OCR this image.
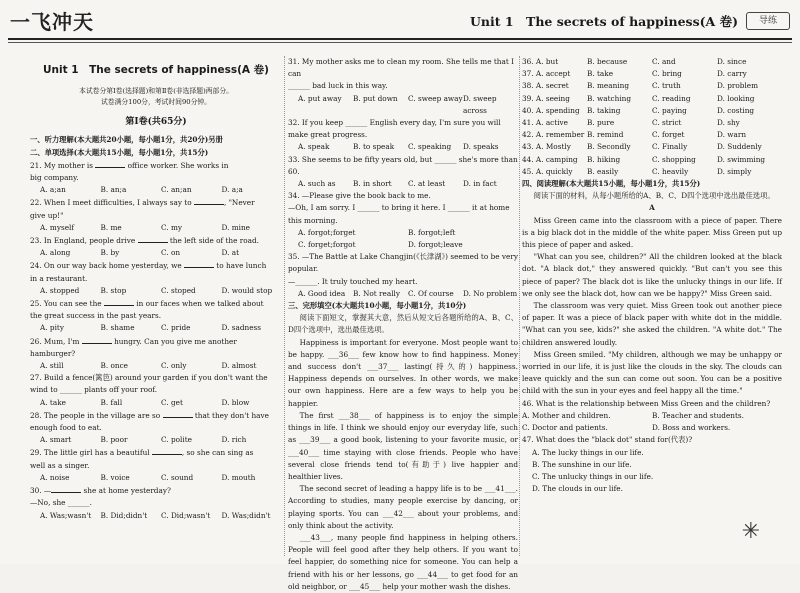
一飞冲天	Unit 1　The secrets of happiness(A 卷)	导练
Unit 1　The secrets of happiness(A 卷)
本试卷分第Ⅰ卷(选择题)和第Ⅱ卷(非选择题)两部分。
试卷满分100分，考试时间90分钟。
第Ⅰ卷(共65分)
一、听力理解(本大题共20小题，每小题1分，共20分)另册
二、单项选择(本大题共15小题，每小题1分，共15分)
21. My mother is	office worker. She works in
big company.
A. a;an	B. an;a	C. an;an	D. a;a
22. When I meet difficulties, I always say to	, "Never
give up!"
A. myself	B. me	C. my	D. mine
23. In England, people drive	the left side of the road.
A. along	B. by	C. on	D. at
24. On our way back home yesterday, we	to have lunch
in a restaurant.
A. stopped	B. stop	C. stoped	D. would stop
25. You can see the	in our faces when we talked about
the great success in the past years.
A. pity	B. shame	C. pride	D. sadness
26. Mum, I'm	hungry. Can you give me another
hamburger?
A. still	B. once	C. only	D. almost
27. Build a fence(篱笆) around your garden if you don't want the
wind to ______ plants off your roof.
A. take	B. fall	C. get	D. blow
28. The people in the village are so	that they don't have
enough food to eat.
A. smart	B. poor	C. polite	D. rich
29. The little girl has a beautiful	, so she can sing as
well as a singer.
A. noise	B. voice	C. sound	D. mouth
30. —	she at home yesterday?
—No, she ______.
A. Was;wasn't	B. Did;didn't	C. Did;wasn't	D. Was;didn't
31. My mother asks me to clean my room. She tells me that I can
______ bad luck in this way.
A. put away	B. put down	C. sweep away D. sweep across
32. If you keep ______ English every day, I'm sure you will
make great progress.
A. speak	B. to speak	C. speaking	D. speaks
33. She seems to be fifty years old, but ______ she's more than 60.
A. such as	B. in short	C. at least	D. in fact
34. —Please give the book back to me.
—Oh, I am sorry. I ______ to bring it here. I ______ it at home this morning.
A. forgot;forget	B. forgot;left
C. forget;forgot	D. forgot;leave
35. —The Battle at Lake Changjin(《长津湖》) seemed to be very popular.
—______. It truly touched my heart.
A. Good idea	B. Not really	C. Of course	D. No problem
三、完形填空(本大题共10小题，每小题1分，共10分)

阅读下面短文，掌握其大意，然后从短文后各题所给的A、B、C、D四个选项中，选出最佳选项。

Happiness is important for everyone. Most people want to be happy. ___36___ few know how to find happiness. Money and success don't ___37___ lasting(持久的) happiness. Happiness depends on ourselves. In other words, we make our own happiness. Here are a few ways to help you be happier.

The first ___38___ of happiness is to enjoy the simple things in life. I think we should enjoy our everyday life, such as ___39___ a good book, listening to your favorite music, or ___40___ time staying with close friends. People who have several close friends tend to(有助于) live happier and healthier lives.

The second secret of leading a happy life is to be ___41___. According to studies, many people exercise by dancing, or playing sports. You can ___42___ about your problems, and only think about the activity.

___43___, many people find happiness in helping others. People will feel good after they help others. If you want to feel happier, do something nice for someone. You can help a friend with his or her lessons, go ___44___ to get food for an old neighbor, or ___45___ help your mother wash the dishes.

36. A. but	B. because	C. and	D. since
37. A. accept	B. take	C. bring	D. carry
38. A. secret	B. meaning	C. truth	D. problem
39. A. seeing	B. watching	C. reading	D. looking
40. A. spending	B. taking	C. paying	D. costing
41. A. active	B. pure	C. strict	D. shy
42. A. remember B. remind	C. forget	D. warn
43. A. Mostly	B. Secondly	C. Finally	D. Suddenly
44. A. camping	B. hiking	C. shopping	D. swimming
45. A. quickly	B. easily	C. heavily	D. simply
四、阅读理解(本大题共15小题，每小题1分，共15分)

阅读下面的材料，从每小题所给的A、B、C、D四个选项中选出最佳选项。

A

Miss Green came into the classroom with a piece of paper. There is a big black dot in the middle of the white paper. Miss Green put up this piece of paper and asked.

"What can you see, children?" All the children looked at the black dot. "A black dot," they answered quickly. "But can't you see this piece of paper? The black dot is like the unlucky things in our life. If we only see the black dot, how can we be happy?" Miss Green said.

The classroom was very quiet. Miss Green took out another piece of paper. It was a piece of black paper with white dot in the middle. "What can you see, kids?" she asked the children. "A white dot." The children answered loudly.

Miss Green smiled. "My children, although we may be unhappy or worried in our life, it is just like the clouds in the sky. The clouds can leave quickly and the sun can come out soon. You can be a positive child with the sun in your eyes and feel happy all the time."

46. What is the relationship between Miss Green and the children?
A. Mother and children.	B. Teacher and students.
C. Doctor and patients.	D. Boss and workers.
47. What does the "black dot" stand for(代表)?
A. The lucky things in our life.
B. The sunshine in our life.
C. The unlucky things in our life.
D. The clouds in our life.
✳
